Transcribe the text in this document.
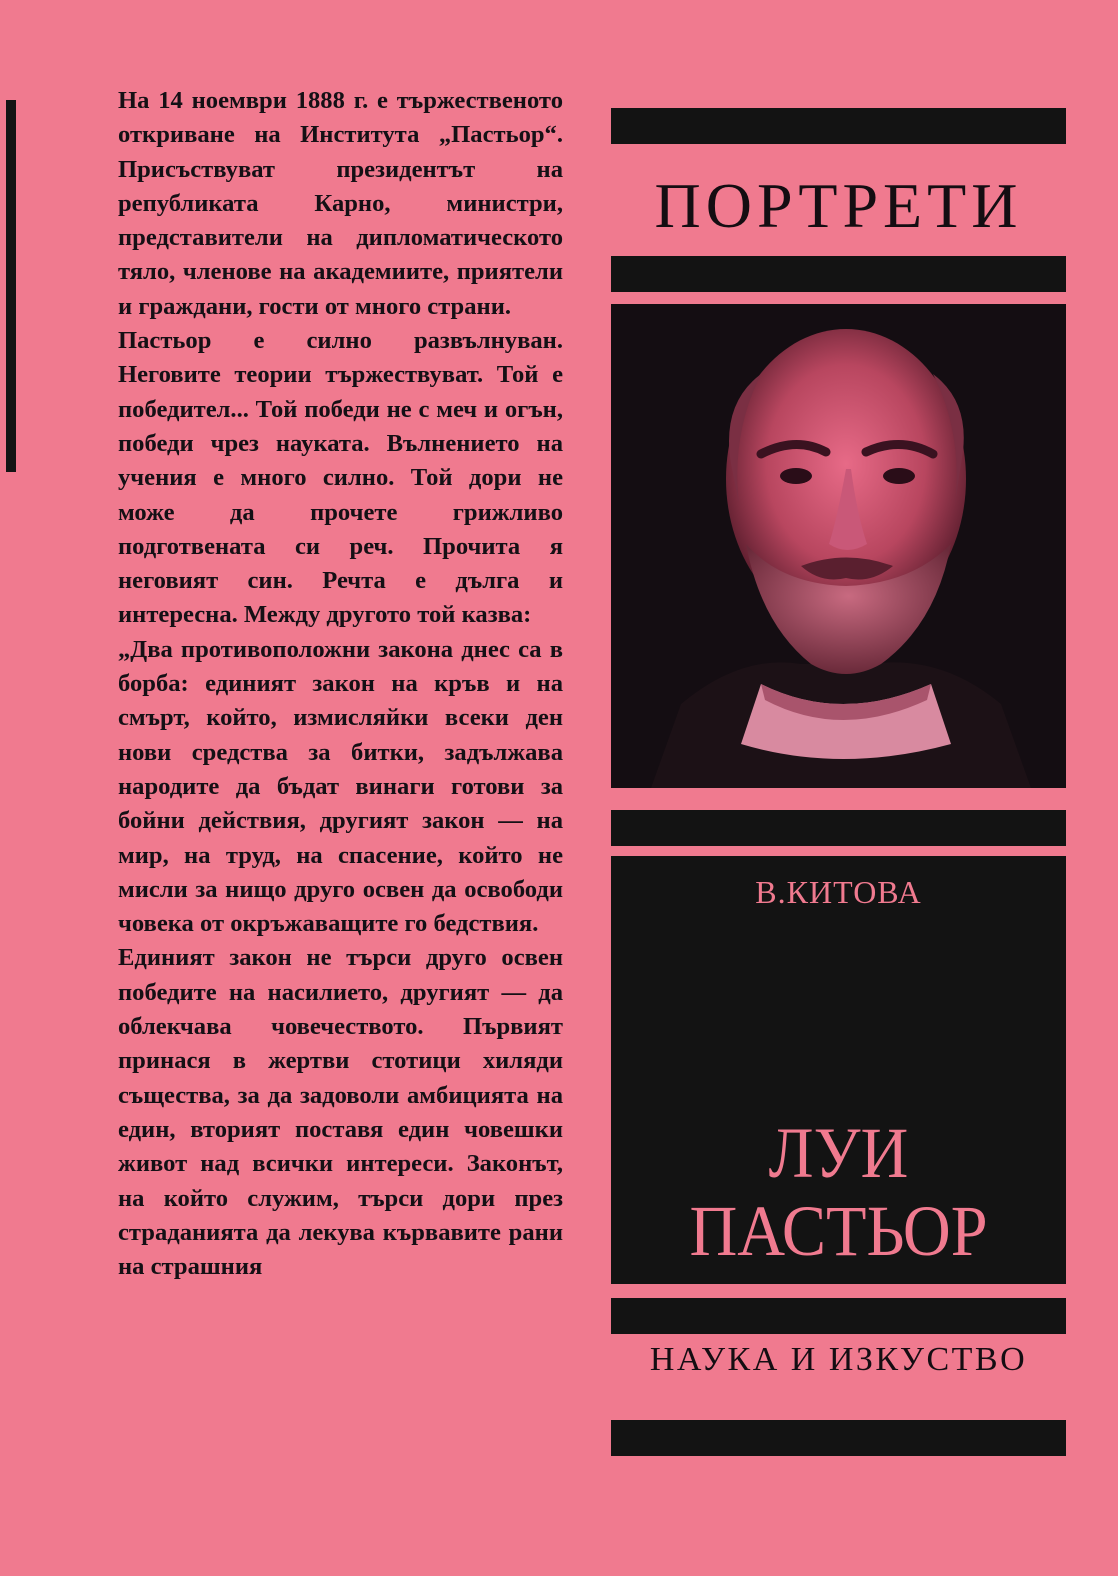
На 14 ноември 1888 г. е тържественото откриване на Института „Пастьор“. Присъствуват президентът на републиката Карно, министри, представители на дипломатическото тяло, членове на академиите, приятели и граждани, гости от много страни.

Пастьор е силно развълнуван. Неговите теории тържествуват. Той е победител... Той победи не с меч и огън, победи чрез науката. Вълнението на учения е много силно. Той дори не може да прочете грижливо подготвената си реч. Прочита я неговият син. Речта е дълга и интересна. Между другото той казва:

„Два противоположни закона днес са в борба: единият закон на кръв и на смърт, който, измисляйки всеки ден нови средства за битки, задължава народите да бъдат винаги готови за бойни действия, другият закон — на мир, на труд, на спасение, който не мисли за нищо друго освен да освободи човека от окръжаващите го бедствия.

Единият закон не търси друго освен победите на насилието, другият — да облекчава човечеството. Първият принася в жертви стотици хиляди същества, за да задоволи амбицията на един, вторият поставя един човешки живот над всички интереси. Законът, на който служим, търси дори през страданията да лекува кървавите рани на страшния

ПОРТРЕТИ
В.КИТОВА
ЛУИ
ПАСТЬОР
НАУКА И ИЗКУСТВО
